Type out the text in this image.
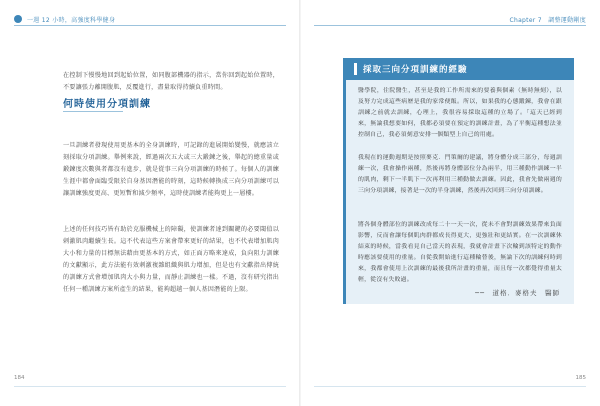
一週 12 小時，高強度科學健身
在控制下慢慢地回到起始位置，如同腹部機器的指示，當你回到起始位置時，不要讓張力離開腹肌，反覆進行，盡量取得持續負重時間。
何時使用分項訓練
一旦訓練者發現使用更基本的全身訓練時，可記錄的進展開始變慢，就應該立刻採取分項訓練。舉例來說，經過兩次五大或三大鍛鍊之後，舉起的總重量或鍛鍊度次數與者都沒有進步，就是從事三向分項訓練的時候了。每個人的訓練生涯中都會面臨受限於自身基因潛能的時刻，這時候轉換成三向分項訓練可以讓訓練強度更高、更短暫和減少頻率，這時使訓練者能夠更上一層樓。
上述的任何技巧皆有助於克服機械上的障礙，使訓練者達到關鍵的必要閾值以刺激肌肉繼續生長。這不代表這些方案會帶來更好的結果，也不代表增加肌肉大小和力量的目標無法藉由更基本的方式，如正面方略來達成，負向阻力訓練的文獻顯示，此方法能有效刺激複雜組織與肌力增加，但是也有文獻指出傳統的訓練方式會增加肌肉大小與力量，而靜止訓練也一樣。不過，沒有研究指出任何一種訓練方案所產生的結果，能夠超越一個人基因潛能的上限。
184
Chapter 7　調整運動剛度
採取三向分項訓練的經驗
醫學院，住院醫生，甚至是我的工作所需來的要養與個素（無時無刻），以及努力完成這些病歷是我的家常便飯。所以，如果我的心態鍛鍊，我會在跟訓練之前就去訓練，心理上，我很容易採取這種的立場了。「這天已經到來，無論我想要如何，我都必須要在預定的訓練計畫，為了平衡這種想法並控制自己，我必須刻意安排一個類型上自己的用處。
我現在的運動週期是按照麥克．門策爾的建議，將身體分成三部分，每週訓練一次，我會操作兩種，然後再將身體部位分為兩半，用三種動作訓練一半的肌肉，剩下一半肌下一次再利用三種動做去訓練。因此，我會先做兩週的三向分項訓練，接著是一次的半身訓練，然後再次回到三向分項訓練。
將各個身體部位的訓練改成每二十一天一次，從未不會對訓練效果帶來負面影響，反而會讓每個肌肉群都成長得更大，更強壯和更結實。在一次訓練休結束的時候，當我看見自己當天的表現，我就會計畫下次輪到該特定的動作時應該要使用的重量。自從我開始進行這種輪替後，無論下次的訓練何時到來，我都會使用上次訓練的最後我所計畫的重量，而且每一次都覺得重量太輕，從沒有失敗過。
──　道格．麥格夫　醫師
185
